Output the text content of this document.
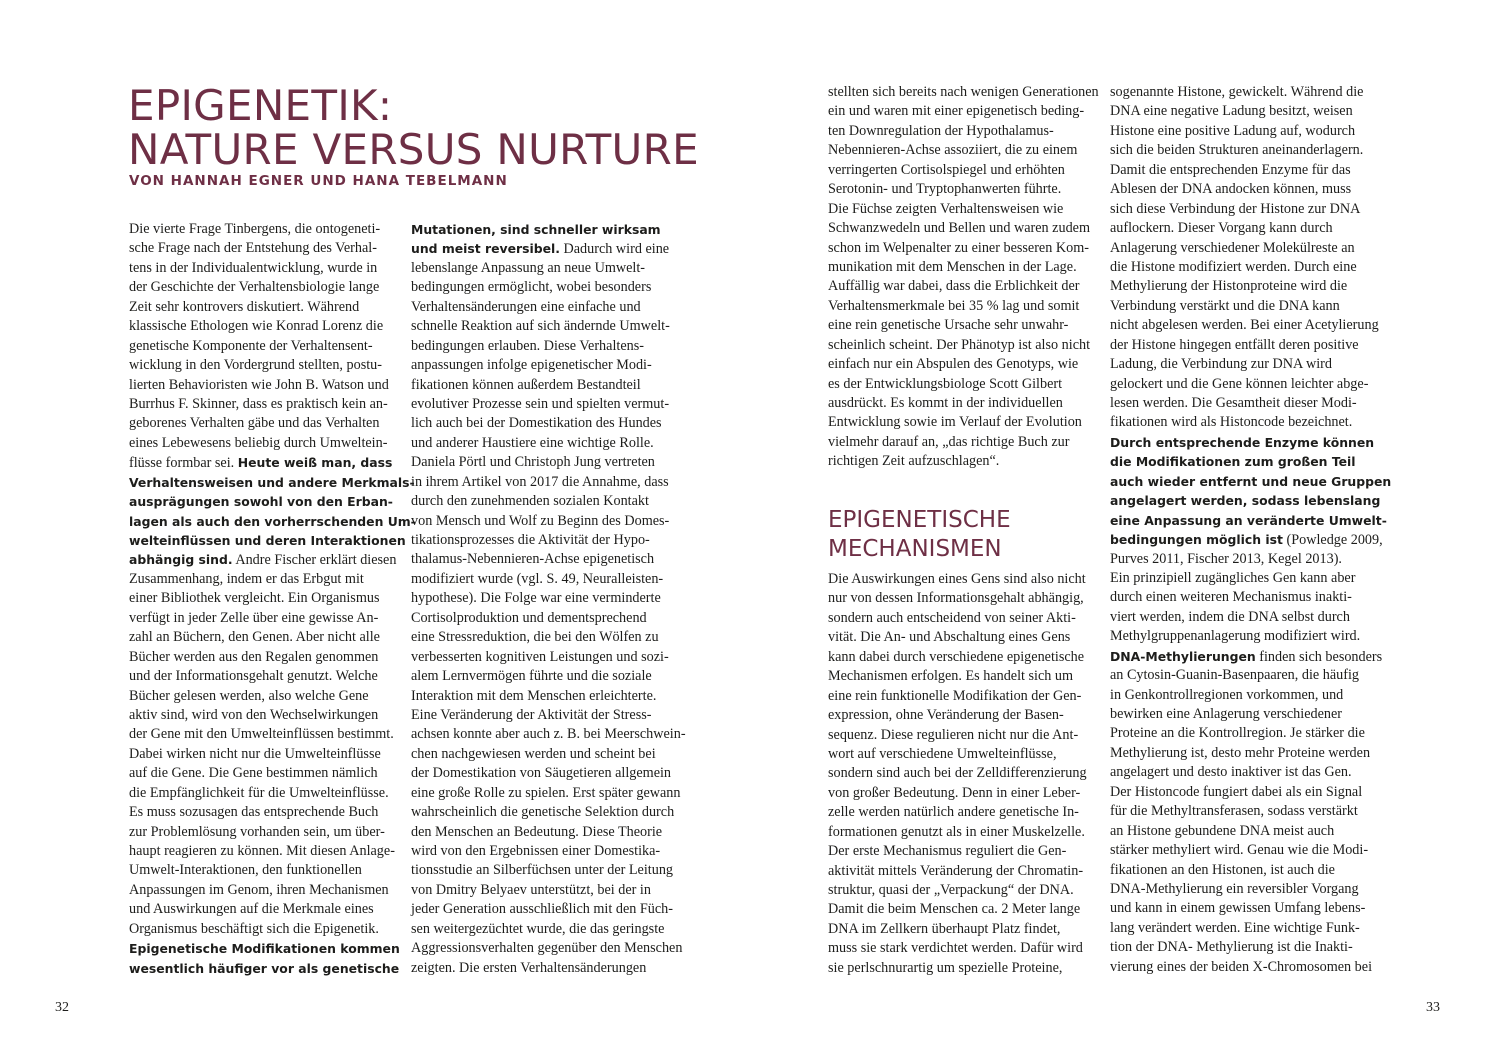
EPIGENETIK:
NATURE VERSUS NURTURE
VON HANNAH EGNER UND HANA TEBELMANN
Die vierte Frage Tinbergens, die ontogeneti-
sche Frage nach der Entstehung des Verhal-
tens in der Individualentwicklung, wurde in
der Geschichte der Verhaltensbiologie lange
Zeit sehr kontrovers diskutiert. Während
klassische Ethologen wie Konrad Lorenz die
genetische Komponente der Verhaltensent-
wicklung in den Vordergrund stellten, postu-
lierten Behavioristen wie John B. Watson und
Burrhus F. Skinner, dass es praktisch kein an-
geborenes Verhalten gäbe und das Verhalten
eines Lebewesens beliebig durch Umweltein-
flüsse formbar sei. Heute weiß man, dass
Verhaltensweisen und andere Merkmals-
ausprägungen sowohl von den Erban-
lagen als auch den vorherrschenden Um-
welteinflüssen und deren Interaktionen
abhängig sind. Andre Fischer erklärt diesen
Zusammenhang, indem er das Erbgut mit
einer Bibliothek vergleicht. Ein Organismus
verfügt in jeder Zelle über eine gewisse An-
zahl an Büchern, den Genen. Aber nicht alle
Bücher werden aus den Regalen genommen
und der Informationsgehalt genutzt. Welche
Bücher gelesen werden, also welche Gene
aktiv sind, wird von den Wechselwirkungen
der Gene mit den Umwelteinflüssen bestimmt.
Dabei wirken nicht nur die Umwelteinflüsse
auf die Gene. Die Gene bestimmen nämlich
die Empfänglichkeit für die Umwelteinflüsse.
Es muss sozusagen das entsprechende Buch
zur Problemlösung vorhanden sein, um über-
haupt reagieren zu können. Mit diesen Anlage-
Umwelt-Interaktionen, den funktionellen
Anpassungen im Genom, ihren Mechanismen
und Auswirkungen auf die Merkmale eines
Organismus beschäftigt sich die Epigenetik.
Epigenetische Modifikationen kommen
wesentlich häufiger vor als genetische
Mutationen, sind schneller wirksam
und meist reversibel. Dadurch wird eine
lebenslange Anpassung an neue Umwelt-
bedingungen ermöglicht, wobei besonders
Verhaltensänderungen eine einfache und
schnelle Reaktion auf sich ändernde Umwelt-
bedingungen erlauben. Diese Verhaltens-
anpassungen infolge epigenetischer Modi-
fikationen können außerdem Bestandteil
evolutiver Prozesse sein und spielten vermut-
lich auch bei der Domestikation des Hundes
und anderer Haustiere eine wichtige Rolle.
Daniela Pörtl und Christoph Jung vertreten
in ihrem Artikel von 2017 die Annahme, dass
durch den zunehmenden sozialen Kontakt
von Mensch und Wolf zu Beginn des Domes-
tikationsprozesses die Aktivität der Hypo-
thalamus-Nebennieren-Achse epigenetisch
modifiziert wurde (vgl. S. 49, Neuralleisten-
hypothese). Die Folge war eine verminderte
Cortisolproduktion und dementsprechend
eine Stressreduktion, die bei den Wölfen zu
verbesserten kognitiven Leistungen und sozi-
alem Lernvermögen führte und die soziale
Interaktion mit dem Menschen erleichterte.
Eine Veränderung der Aktivität der Stress-
achsen konnte aber auch z. B. bei Meerschwein-
chen nachgewiesen werden und scheint bei
der Domestikation von Säugetieren allgemein
eine große Rolle zu spielen. Erst später gewann
wahrscheinlich die genetische Selektion durch
den Menschen an Bedeutung. Diese Theorie
wird von den Ergebnissen einer Domestika-
tionsstudie an Silberfüchsen unter der Leitung
von Dmitry Belyaev unterstützt, bei der in
jeder Generation ausschließlich mit den Füch-
sen weitergezüchtet wurde, die das geringste
Aggressionsverhalten gegenüber den Menschen
zeigten. Die ersten Verhaltensänderungen
stellten sich bereits nach wenigen Generationen
ein und waren mit einer epigenetisch beding-
ten Downregulation der Hypothalamus-
Nebennieren-Achse assoziiert, die zu einem
verringerten Cortisolspiegel und erhöhten
Serotonin- und Tryptophanwerten führte.
Die Füchse zeigten Verhaltensweisen wie
Schwanzwedeln und Bellen und waren zudem
schon im Welpenalter zu einer besseren Kom-
munikation mit dem Menschen in der Lage.
Auffällig war dabei, dass die Erblichkeit der
Verhaltensmerkmale bei 35 % lag und somit
eine rein genetische Ursache sehr unwahr-
scheinlich scheint. Der Phänotyp ist also nicht
einfach nur ein Abspulen des Genotyps, wie
es der Entwicklungsbiologe Scott Gilbert
ausdrückt. Es kommt in der individuellen
Entwicklung sowie im Verlauf der Evolution
vielmehr darauf an, „das richtige Buch zur
richtigen Zeit aufzuschlagen“.
EPIGENETISCHE
MECHANISMEN
Die Auswirkungen eines Gens sind also nicht
nur von dessen Informationsgehalt abhängig,
sondern auch entscheidend von seiner Akti-
vität. Die An- und Abschaltung eines Gens
kann dabei durch verschiedene epigenetische
Mechanismen erfolgen. Es handelt sich um
eine rein funktionelle Modifikation der Gen-
expression, ohne Veränderung der Basen-
sequenz. Diese regulieren nicht nur die Ant-
wort auf verschiedene Umwelteinflüsse,
sondern sind auch bei der Zelldifferenzierung
von großer Bedeutung. Denn in einer Leber-
zelle werden natürlich andere genetische In-
formationen genutzt als in einer Muskelzelle.
Der erste Mechanismus reguliert die Gen-
aktivität mittels Veränderung der Chromatin-
struktur, quasi der „Verpackung“ der DNA.
Damit die beim Menschen ca. 2 Meter lange
DNA im Zellkern überhaupt Platz findet,
muss sie stark verdichtet werden. Dafür wird
sie perlschnurartig um spezielle Proteine,
sogenannte Histone, gewickelt. Während die
DNA eine negative Ladung besitzt, weisen
Histone eine positive Ladung auf, wodurch
sich die beiden Strukturen aneinanderlagern.
Damit die entsprechenden Enzyme für das
Ablesen der DNA andocken können, muss
sich diese Verbindung der Histone zur DNA
auflockern. Dieser Vorgang kann durch
Anlagerung verschiedener Molekülreste an
die Histone modifiziert werden. Durch eine
Methylierung der Histonproteine wird die
Verbindung verstärkt und die DNA kann
nicht abgelesen werden. Bei einer Acetylierung
der Histone hingegen entfällt deren positive
Ladung, die Verbindung zur DNA wird
gelockert und die Gene können leichter abge-
lesen werden. Die Gesamtheit dieser Modi-
fikationen wird als Histoncode bezeichnet.
Durch entsprechende Enzyme können
die Modifikationen zum großen Teil
auch wieder entfernt und neue Gruppen
angelagert werden, sodass lebenslang
eine Anpassung an veränderte Umwelt-
bedingungen möglich ist (Powledge 2009,
Purves 2011, Fischer 2013, Kegel 2013).
Ein prinzipiell zugängliches Gen kann aber
durch einen weiteren Mechanismus inakti-
viert werden, indem die DNA selbst durch
Methylgruppenanlagerung modifiziert wird.
DNA-Methylierungen finden sich besonders
an Cytosin-Guanin-Basenpaaren, die häufig
in Genkontrollregionen vorkommen, und
bewirken eine Anlagerung verschiedener
Proteine an die Kontrollregion. Je stärker die
Methylierung ist, desto mehr Proteine werden
angelagert und desto inaktiver ist das Gen.
Der Histoncode fungiert dabei als ein Signal
für die Methyltransferasen, sodass verstärkt
an Histone gebundene DNA meist auch
stärker methyliert wird. Genau wie die Modi-
fikationen an den Histonen, ist auch die
DNA-Methylierung ein reversibler Vorgang
und kann in einem gewissen Umfang lebens-
lang verändert werden. Eine wichtige Funk-
tion der DNA- Methylierung ist die Inakti-
vierung eines der beiden X-Chromosomen bei
32	33
